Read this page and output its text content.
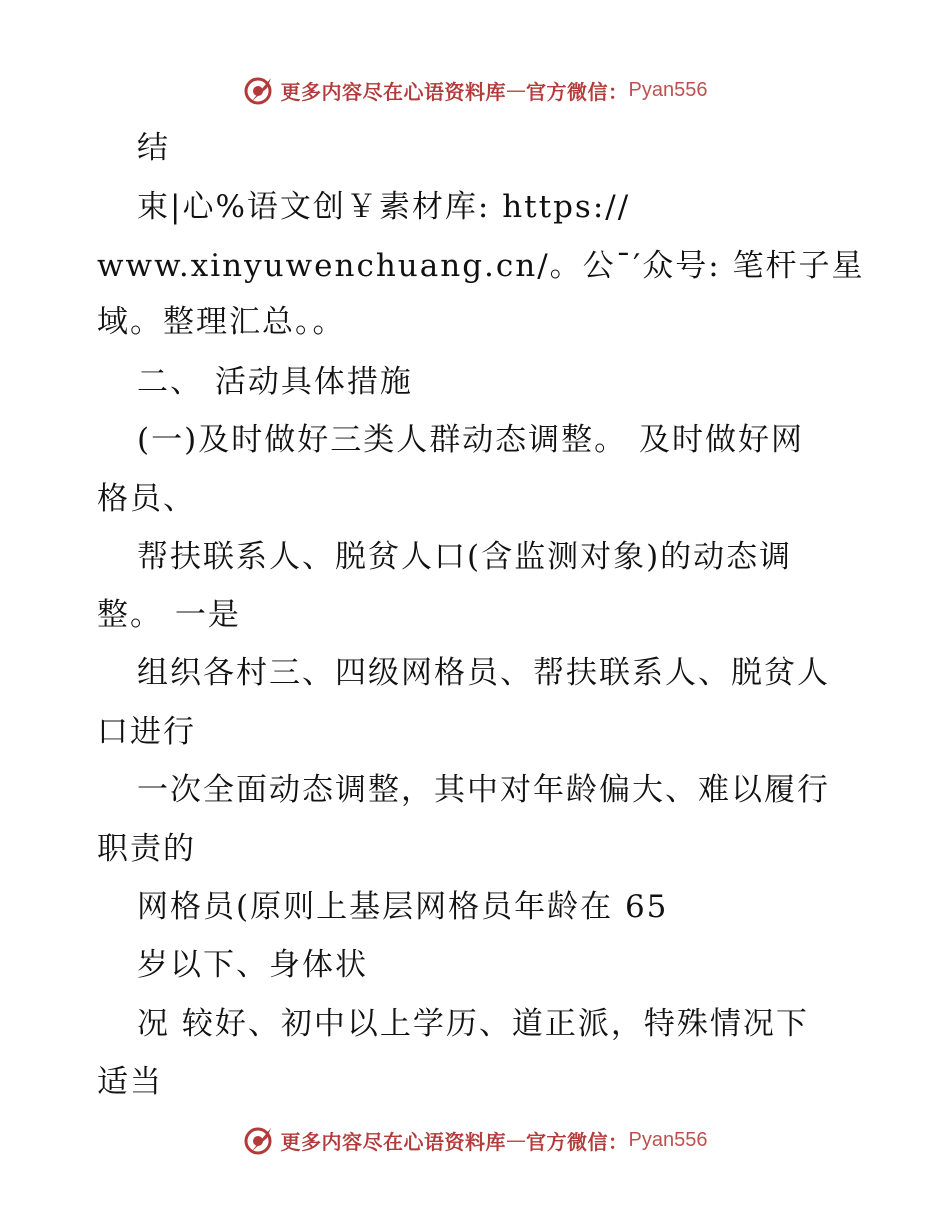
更多内容尽在心语资料库 — 官方微信： Pyan556
结
束|心%语文创￥素材库: https://
www.xinyuwenchuang.cn/。公¯′众号: 笔杆子星
域。整理汇总。。
二、 活动具体措施
(一)及时做好三类人群动态调整。 及时做好网
格员、
帮扶联系人、脱贫人口(含监测对象)的动态调
整。 一是
组织各村三、四级网格员、帮扶联系人、脱贫人
口进行
一次全面动态调整，其中对年龄偏大、难以履行
职责的
网格员(原则上基层网格员年龄在 65
岁以下、身体状
况 较好、初中以上学历、道正派，特殊情况下
适当
更多内容尽在心语资料库 — 官方微信： Pyan556
